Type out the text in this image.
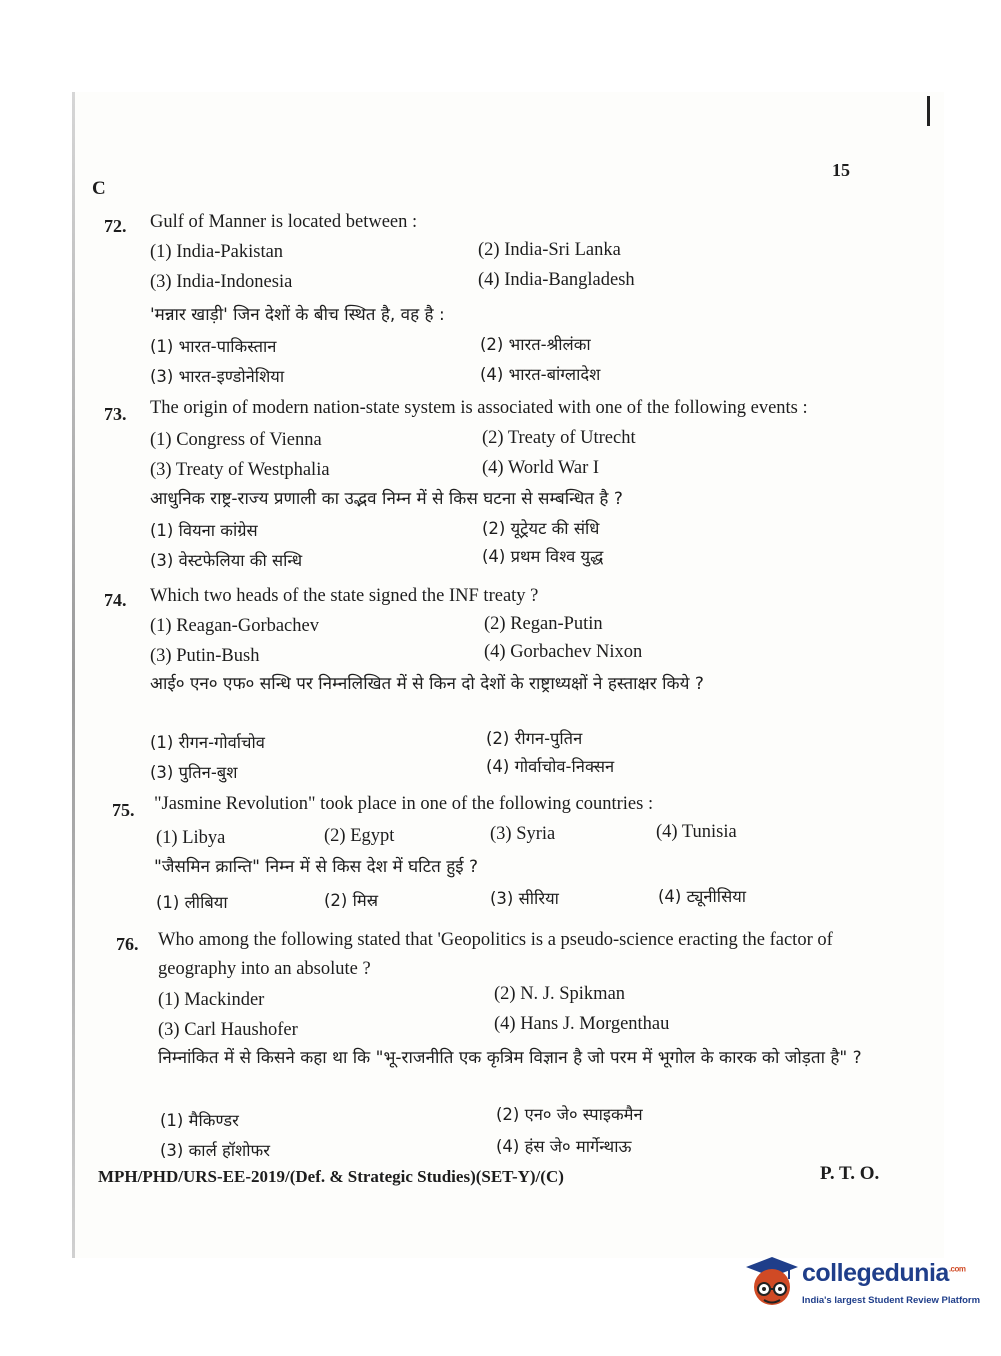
15
C
72. Gulf of Manner is located between :
(1) India-Pakistan	(2) India-Sri Lanka
(3) India-Indonesia	(4) India-Bangladesh
'मन्नार खाड़ी' जिन देशों के बीच स्थित है, वह है :
(1) भारत-पाकिस्तान	(2) भारत-श्रीलंका
(3) भारत-इण्डोनेशिया	(4) भारत-बांग्लादेश
73. The origin of modern nation-state system is associated with one of the following events :
(1) Congress of Vienna	(2) Treaty of Utrecht
(3) Treaty of Westphalia	(4) World War I
आधुनिक राष्ट्र-राज्य प्रणाली का उद्भव निम्न में से किस घटना से सम्बन्धित है ?
(1) वियना कांग्रेस	(2) यूट्रेयट की संधि
(3) वेस्टफेलिया की सन्धि	(4) प्रथम विश्व युद्ध
74. Which two heads of the state signed the INF treaty ?
(1) Reagan-Gorbachev	(2) Regan-Putin
(3) Putin-Bush	(4) Gorbachev Nixon
आई० एन० एफ० सन्धि पर निम्नलिखित में से किन दो देशों के राष्ट्राध्यक्षों ने हस्ताक्षर किये ?
(1) रीगन-गोर्वाचोव	(2) रीगन-पुतिन
(3) पुतिन-बुश	(4) गोर्वाचोव-निक्सन
75. "Jasmine Revolution" took place in one of the following countries :
(1) Libya	(2) Egypt	(3) Syria	(4) Tunisia
"जैसमिन क्रान्ति" निम्न में से किस देश में घटित हुई ?
(1) लीबिया	(2) मिस्र	(3) सीरिया	(4) ट्यूनीसिया
76. Who among the following stated that 'Geopolitics is a pseudo-science eracting the factor of geography into an absolute ?
(1) Mackinder	(2) N. J. Spikman
(3) Carl Haushofer	(4) Hans J. Morgenthau
निम्नांकित में से किसने कहा था कि "भू-राजनीति एक कृत्रिम विज्ञान है जो परम में भूगोल के कारक को जोड़ता है" ?
(1) मैकिण्डर	(2) एन० जे० स्पाइकमैन
(3) कार्ल हॉशोफर	(4) हंस जे० मार्गेन्थाऊ
MPH/PHD/URS-EE-2019/(Def. & Strategic Studies)(SET-Y)/(C)	P. T. O.
collegedunia$^{.com}$
India's largest Student Review Platform
